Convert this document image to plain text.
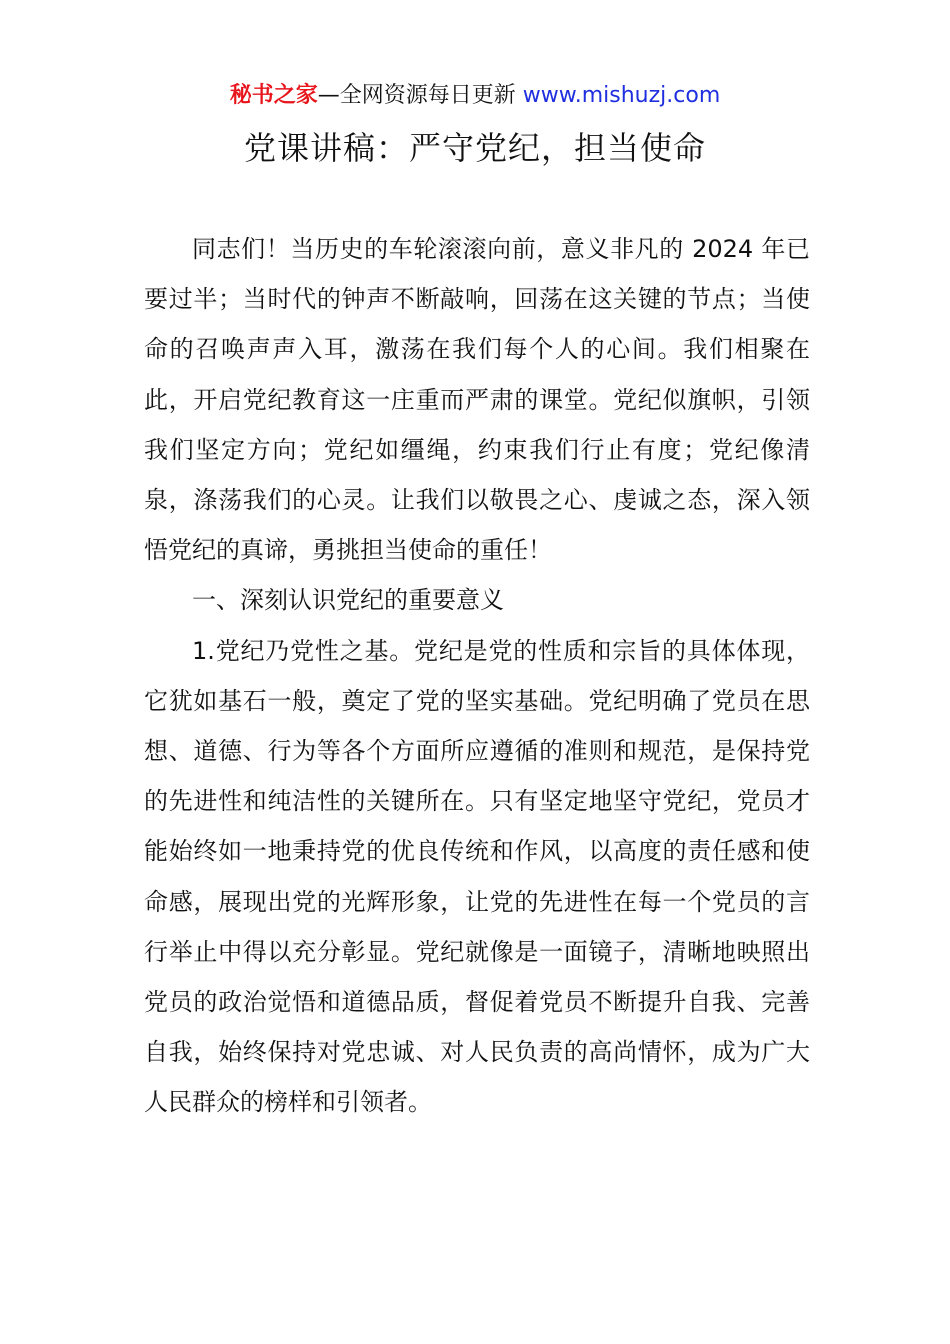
秘书之家—全网资源每日更新 www.mishuzj.com
党课讲稿：严守党纪，担当使命

同志们！当历史的车轮滚滚向前，意义非凡的 2024 年已要过半；当时代的钟声不断敲响，回荡在这关键的节点；当使命的召唤声声入耳，激荡在我们每个人的心间。我们相聚在此，开启党纪教育这一庄重而严肃的课堂。党纪似旗帜，引领我们坚定方向；党纪如缰绳，约束我们行止有度；党纪像清泉，涤荡我们的心灵。让我们以敬畏之心、虔诚之态，深入领悟党纪的真谛，勇挑担当使命的重任！

一、深刻认识党纪的重要意义

1.党纪乃党性之基。党纪是党的性质和宗旨的具体体现，它犹如基石一般，奠定了党的坚实基础。党纪明确了党员在思想、道德、行为等各个方面所应遵循的准则和规范，是保持党的先进性和纯洁性的关键所在。只有坚定地坚守党纪，党员才能始终如一地秉持党的优良传统和作风，以高度的责任感和使命感，展现出党的光辉形象，让党的先进性在每一个党员的言行举止中得以充分彰显。党纪就像是一面镜子，清晰地映照出党员的政治觉悟和道德品质，督促着党员不断提升自我、完善自我，始终保持对党忠诚、对人民负责的高尚情怀，成为广大人民群众的榜样和引领者。
